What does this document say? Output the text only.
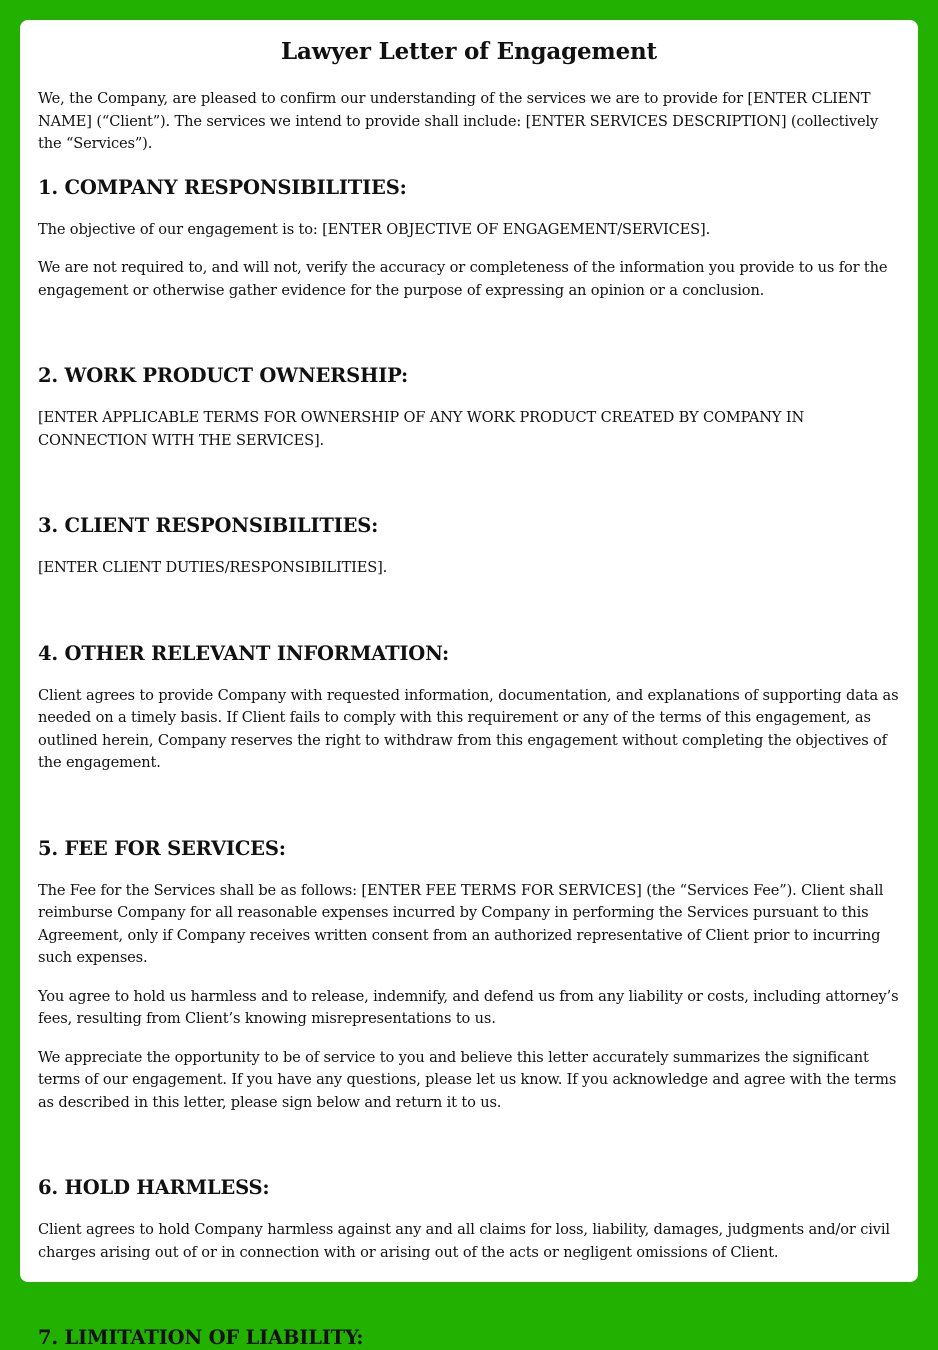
Lawyer Letter of Engagement

We, the Company, are pleased to confirm our understanding of the services we are to provide for [ENTER CLIENT NAME] (“Client”). The services we intend to provide shall include: [ENTER SERVICES DESCRIPTION] (collectively the “Services”).

1. COMPANY RESPONSIBILITIES:

The objective of our engagement is to: [ENTER OBJECTIVE OF ENGAGEMENT/SERVICES].

We are not required to, and will not, verify the accuracy or completeness of the information you provide to us for the engagement or otherwise gather evidence for the purpose of expressing an opinion or a conclusion.

2. WORK PRODUCT OWNERSHIP:

[ENTER APPLICABLE TERMS FOR OWNERSHIP OF ANY WORK PRODUCT CREATED BY COMPANY IN CONNECTION WITH THE SERVICES].

3. CLIENT RESPONSIBILITIES:

[ENTER CLIENT DUTIES/RESPONSIBILITIES].

4. OTHER RELEVANT INFORMATION:

Client agrees to provide Company with requested information, documentation, and explanations of supporting data as needed on a timely basis. If Client fails to comply with this requirement or any of the terms of this engagement, as outlined herein, Company reserves the right to withdraw from this engagement without completing the objectives of the engagement.

5. FEE FOR SERVICES:

The Fee for the Services shall be as follows: [ENTER FEE TERMS FOR SERVICES] (the “Services Fee”). Client shall reimburse Company for all reasonable expenses incurred by Company in performing the Services pursuant to this Agreement, only if Company receives written consent from an authorized representative of Client prior to incurring such expenses.

You agree to hold us harmless and to release, indemnify, and defend us from any liability or costs, including attorney’s fees, resulting from Client’s knowing misrepresentations to us.

We appreciate the opportunity to be of service to you and believe this letter accurately summarizes the significant terms of our engagement. If you have any questions, please let us know. If you acknowledge and agree with the terms as described in this letter, please sign below and return it to us.

6. HOLD HARMLESS:

Client agrees to hold Company harmless against any and all claims for loss, liability, damages, judgments and/or civil charges arising out of or in connection with or arising out of the acts or negligent omissions of Client.

7. LIMITATION OF LIABILITY:
